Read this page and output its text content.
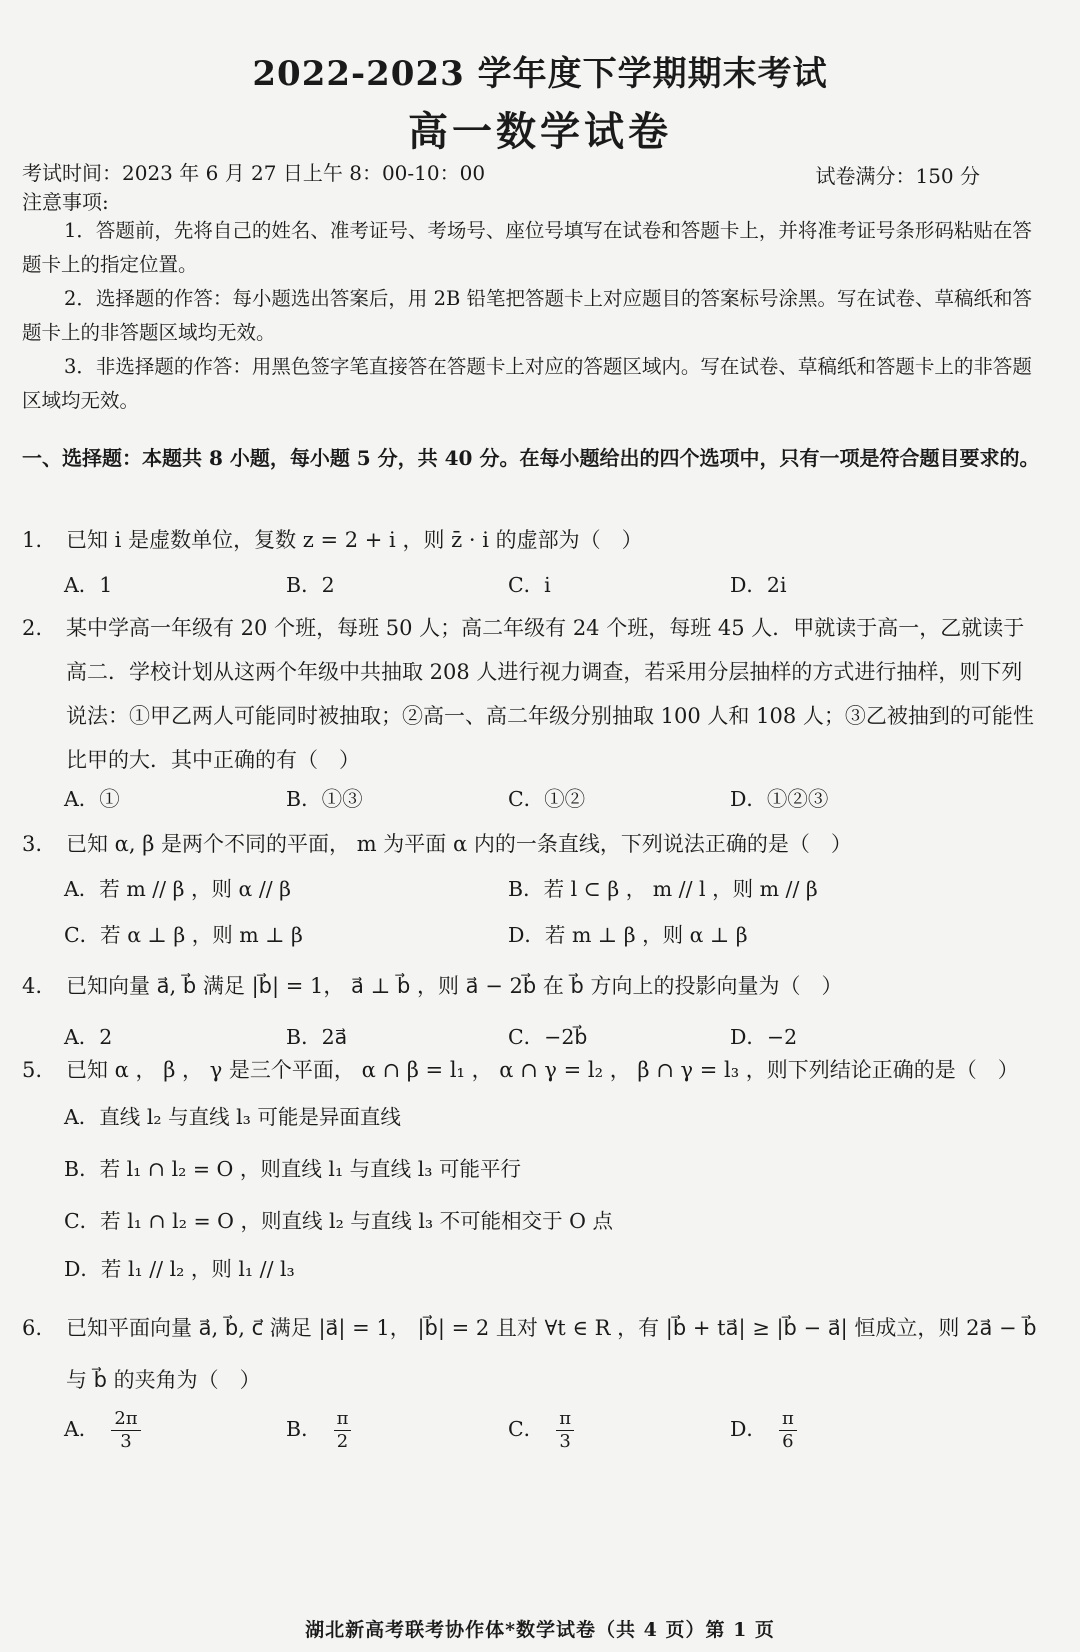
2022-2023 学年度下学期期末考试
高一数学试卷
考试时间：2023 年 6 月 27 日上午 8：00-10：00	试卷满分：150 分
注意事项:
1．答题前，先将自己的姓名、准考证号、考场号、座位号填写在试卷和答题卡上，并将准考证号条形码粘贴在答题卡上的指定位置。
2．选择题的作答：每小题选出答案后，用 2B 铅笔把答题卡上对应题目的答案标号涂黑。写在试卷、草稿纸和答题卡上的非答题区域均无效。
3．非选择题的作答：用黑色签字笔直接答在答题卡上对应的答题区域内。写在试卷、草稿纸和答题卡上的非答题区域均无效。
一、选择题：本题共 8 小题，每小题 5 分，共 40 分。在每小题给出的四个选项中，只有一项是符合题目要求的。
1. 已知 i 是虚数单位，复数 z = 2 + i ，则 z̄ · i 的虚部为（　）
A．1	B．2	C．i	D．2i
2. 某中学高一年级有 20 个班，每班 50 人；高二年级有 24 个班，每班 45 人．甲就读于高一，乙就读于高二．学校计划从这两个年级中共抽取 208 人进行视力调查，若采用分层抽样的方式进行抽样，则下列说法：①甲乙两人可能同时被抽取；②高一、高二年级分别抽取 100 人和 108 人；③乙被抽到的可能性比甲的大．其中正确的有（　）
A．①	B．①③	C．①②	D．①②③
3. 已知 α, β 是两个不同的平面， m 为平面 α 内的一条直线，下列说法正确的是（　）
A．若 m // β ，则 α // β	B．若 l ⊂ β ， m // l ，则 m // β
C．若 α ⊥ β ，则 m ⊥ β	D．若 m ⊥ β ，则 α ⊥ β
4. 已知向量 a⃗, b⃗ 满足 |b⃗| = 1， a⃗ ⊥ b⃗ ，则 a⃗ − 2b⃗ 在 b⃗ 方向上的投影向量为（　）
A．2	B．2a⃗	C．−2b⃗	D．−2
5. 已知 α ， β ， γ 是三个平面， α ∩ β = l₁ ， α ∩ γ = l₂ ， β ∩ γ = l₃ ，则下列结论正确的是（　）
A．直线 l₂ 与直线 l₃ 可能是异面直线
B．若 l₁ ∩ l₂ = O ，则直线 l₁ 与直线 l₃ 可能平行
C．若 l₁ ∩ l₂ = O ，则直线 l₂ 与直线 l₃ 不可能相交于 O 点
D．若 l₁ // l₂ ，则 l₁ // l₃
6. 已知平面向量 a⃗, b⃗, c⃗ 满足 |a⃗| = 1， |b⃗| = 2 且对 ∀t ∈ R ，有 |b⃗ + ta⃗| ≥ |b⃗ − a⃗| 恒成立，则 2a⃗ − b⃗ 与 b⃗ 的夹角为（　）
A． $\frac{2\pi}{3}$	B． $\frac{\pi}{2}$	C． $\frac{\pi}{3}$	D． $\frac{\pi}{6}$
湖北新高考联考协作体*数学试卷（共 4 页）第 1 页
